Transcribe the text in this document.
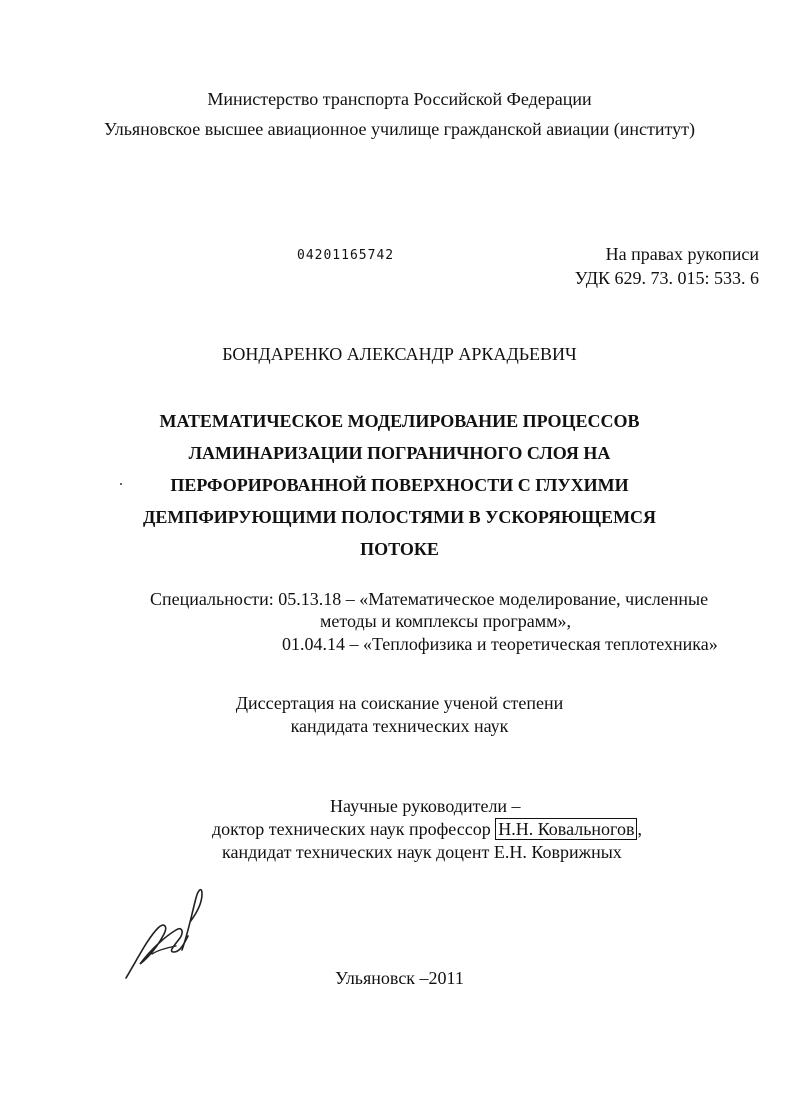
Министерство транспорта Российской Федерации
Ульяновское высшее авиационное училище гражданской авиации (институт)
04201165742	На правах рукописи
УДК 629. 73. 015: 533. 6
БОНДАРЕНКО АЛЕКСАНДР АРКАДЬЕВИЧ
МАТЕМАТИЧЕСКОЕ МОДЕЛИРОВАНИЕ ПРОЦЕССОВ
ЛАМИНАРИЗАЦИИ ПОГРАНИЧНОГО СЛОЯ НА
ПЕРФОРИРОВАННОЙ ПОВЕРХНОСТИ С ГЛУХИМИ
ДЕМПФИРУЮЩИМИ ПОЛОСТЯМИ В УСКОРЯЮЩЕМСЯ
ПОТОКЕ
Специальности: 05.13.18 – «Математическое моделирование, численные
методы и комплексы программ»,
01.04.14 – «Теплофизика и теоретическая теплотехника»
Диссертация на соискание ученой степени
кандидата технических наук
Научные руководители –
доктор технических наук профессор Н.Н. Ковальногов ,
кандидат технических наук доцент Е.Н. Коврижных
Ульяновск –2011
